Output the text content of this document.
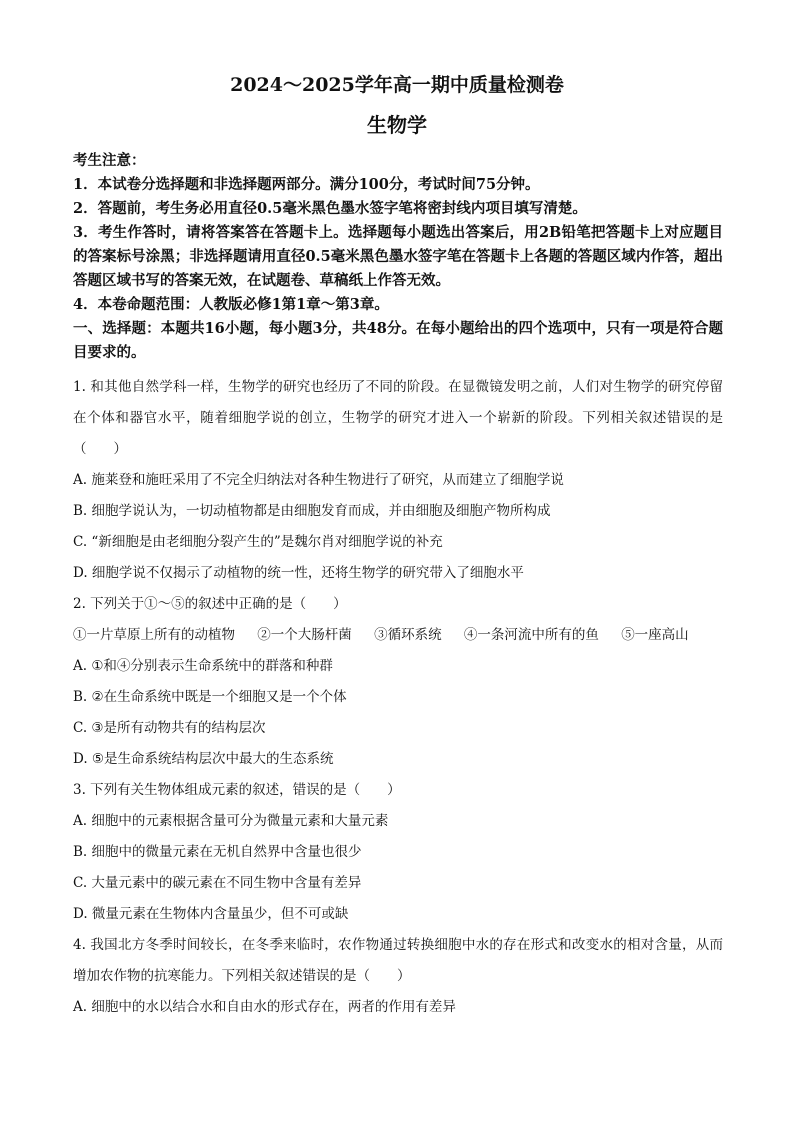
2024～2025学年高一期中质量检测卷
生物学
考生注意：
1．本试卷分选择题和非选择题两部分。满分100分，考试时间75分钟。
2．答题前，考生务必用直径0.5毫米黑色墨水签字笔将密封线内项目填写清楚。
3．考生作答时，请将答案答在答题卡上。选择题每小题选出答案后，用2B铅笔把答题卡上对应题目的答案标号涂黑；非选择题请用直径0.5毫米黑色墨水签字笔在答题卡上各题的答题区域内作答，超出答题区域书写的答案无效，在试题卷、草稿纸上作答无效。
4．本卷命题范围：人教版必修1第1章～第3章。
一、选择题：本题共16小题，每小题3分，共48分。在每小题给出的四个选项中，只有一项是符合题目要求的。
1. 和其他自然学科一样，生物学的研究也经历了不同的阶段。在显微镜发明之前，人们对生物学的研究停留在个体和器官水平，随着细胞学说的创立，生物学的研究才进入一个崭新的阶段。下列相关叙述错误的是（　　）
A. 施莱登和施旺采用了不完全归纳法对各种生物进行了研究，从而建立了细胞学说
B. 细胞学说认为，一切动植物都是由细胞发育而成，并由细胞及细胞产物所构成
C. “新细胞是由老细胞分裂产生的”是魏尔肖对细胞学说的补充
D. 细胞学说不仅揭示了动植物的统一性，还将生物学的研究带入了细胞水平
2. 下列关于①～⑤的叙述中正确的是（　　）
①一片草原上所有的动植物 ②一个大肠杆菌 ③循环系统 ④一条河流中所有的鱼 ⑤一座高山
A. ①和④分别表示生命系统中的群落和种群
B. ②在生命系统中既是一个细胞又是一个个体
C. ③是所有动物共有的结构层次
D. ⑤是生命系统结构层次中最大的生态系统
3. 下列有关生物体组成元素的叙述，错误的是（　　）
A. 细胞中的元素根据含量可分为微量元素和大量元素
B. 细胞中的微量元素在无机自然界中含量也很少
C. 大量元素中的碳元素在不同生物中含量有差异
D. 微量元素在生物体内含量虽少，但不可或缺
4. 我国北方冬季时间较长，在冬季来临时，农作物通过转换细胞中水的存在形式和改变水的相对含量，从而增加农作物的抗寒能力。下列相关叙述错误的是（　　）
A. 细胞中的水以结合水和自由水的形式存在，两者的作用有差异
